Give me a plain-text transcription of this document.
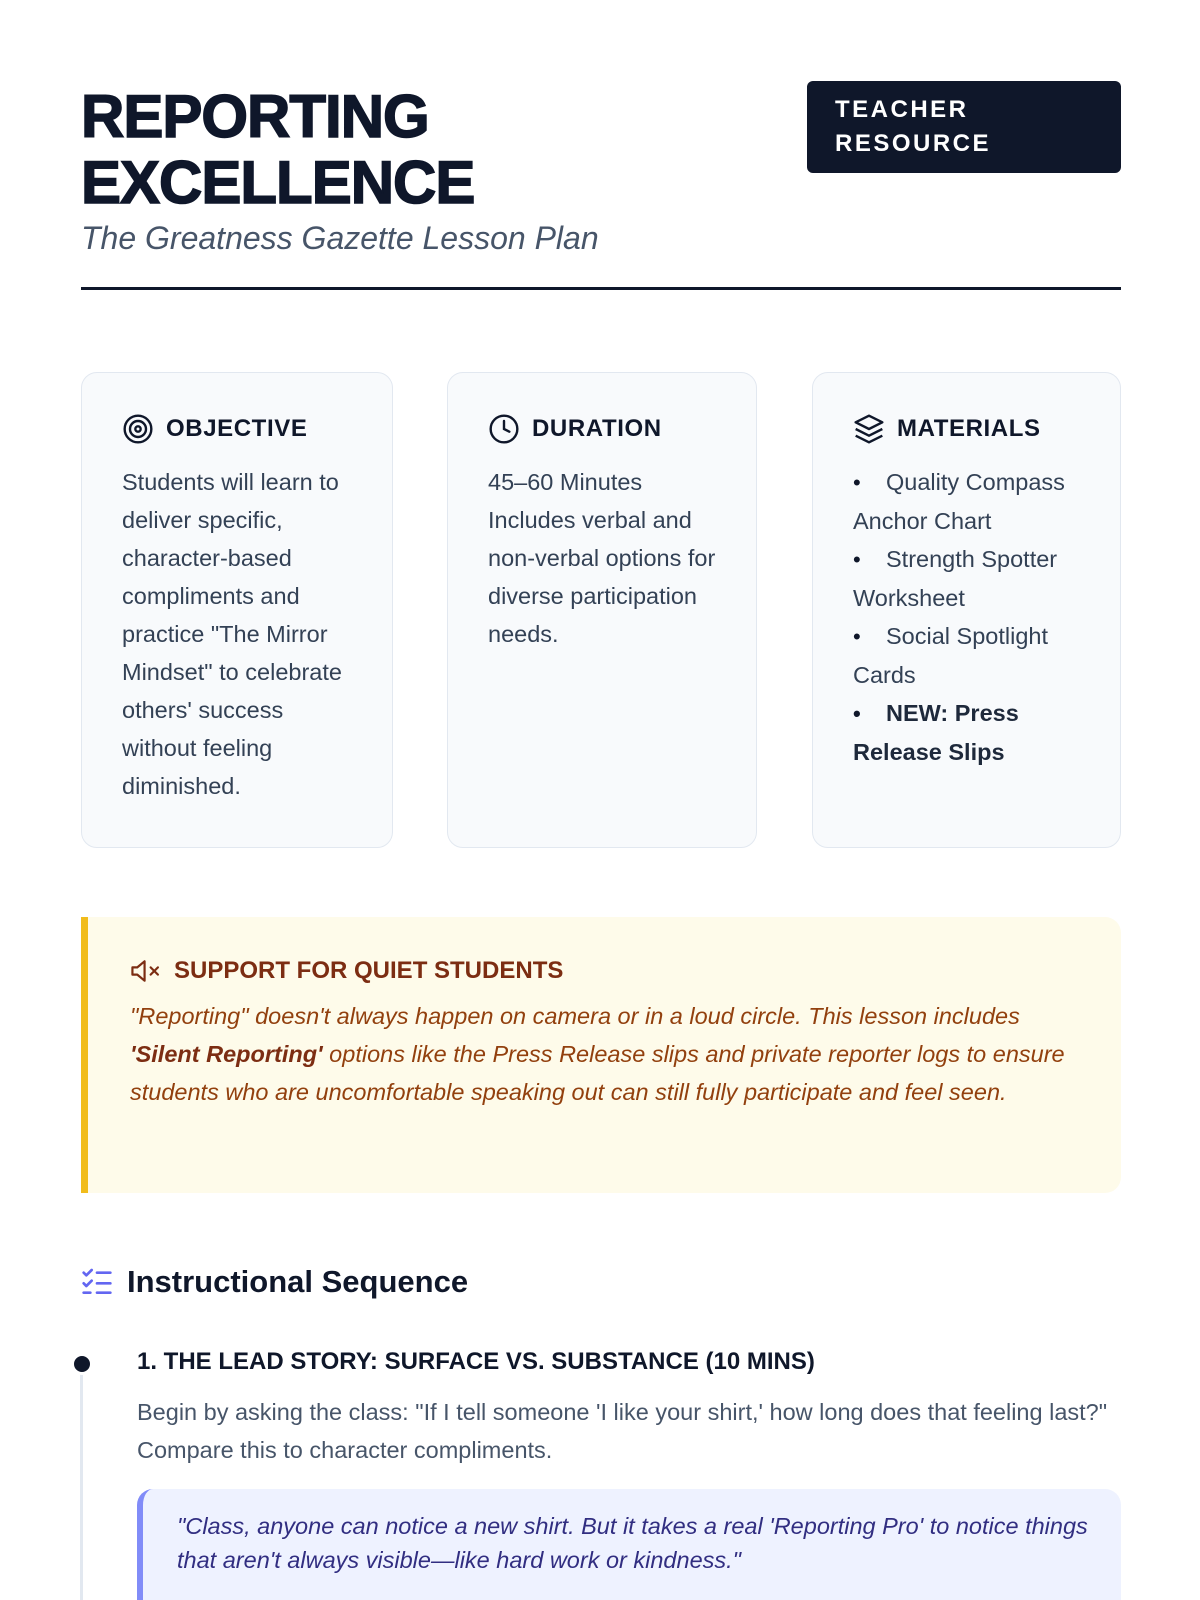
REPORTING
EXCELLENCE
The Greatness Gazette Lesson Plan
TEACHER
RESOURCE
OBJECTIVE
Students will learn to deliver specific, character-based compliments and practice "The Mirror Mindset" to celebrate others' success without feeling diminished.
DURATION
45–60 Minutes
Includes verbal and non-verbal options for diverse participation needs.
MATERIALS
• Quality Compass Anchor Chart
• Strength Spotter Worksheet
• Social Spotlight Cards
• NEW: Press Release Slips
SUPPORT FOR QUIET STUDENTS

"Reporting" doesn't always happen on camera or in a loud circle. This lesson includes 'Silent Reporting' options like the Press Release slips and private reporter logs to ensure students who are uncomfortable speaking out can still fully participate and feel seen.

Instructional Sequence
1. THE LEAD STORY: SURFACE VS. SUBSTANCE (10 MINS)
Begin by asking the class: "If I tell someone 'I like your shirt,' how long does that feeling last?" Compare this to character compliments.
"Class, anyone can notice a new shirt. But it takes a real 'Reporting Pro' to notice things that aren't always visible—like hard work or kindness."
